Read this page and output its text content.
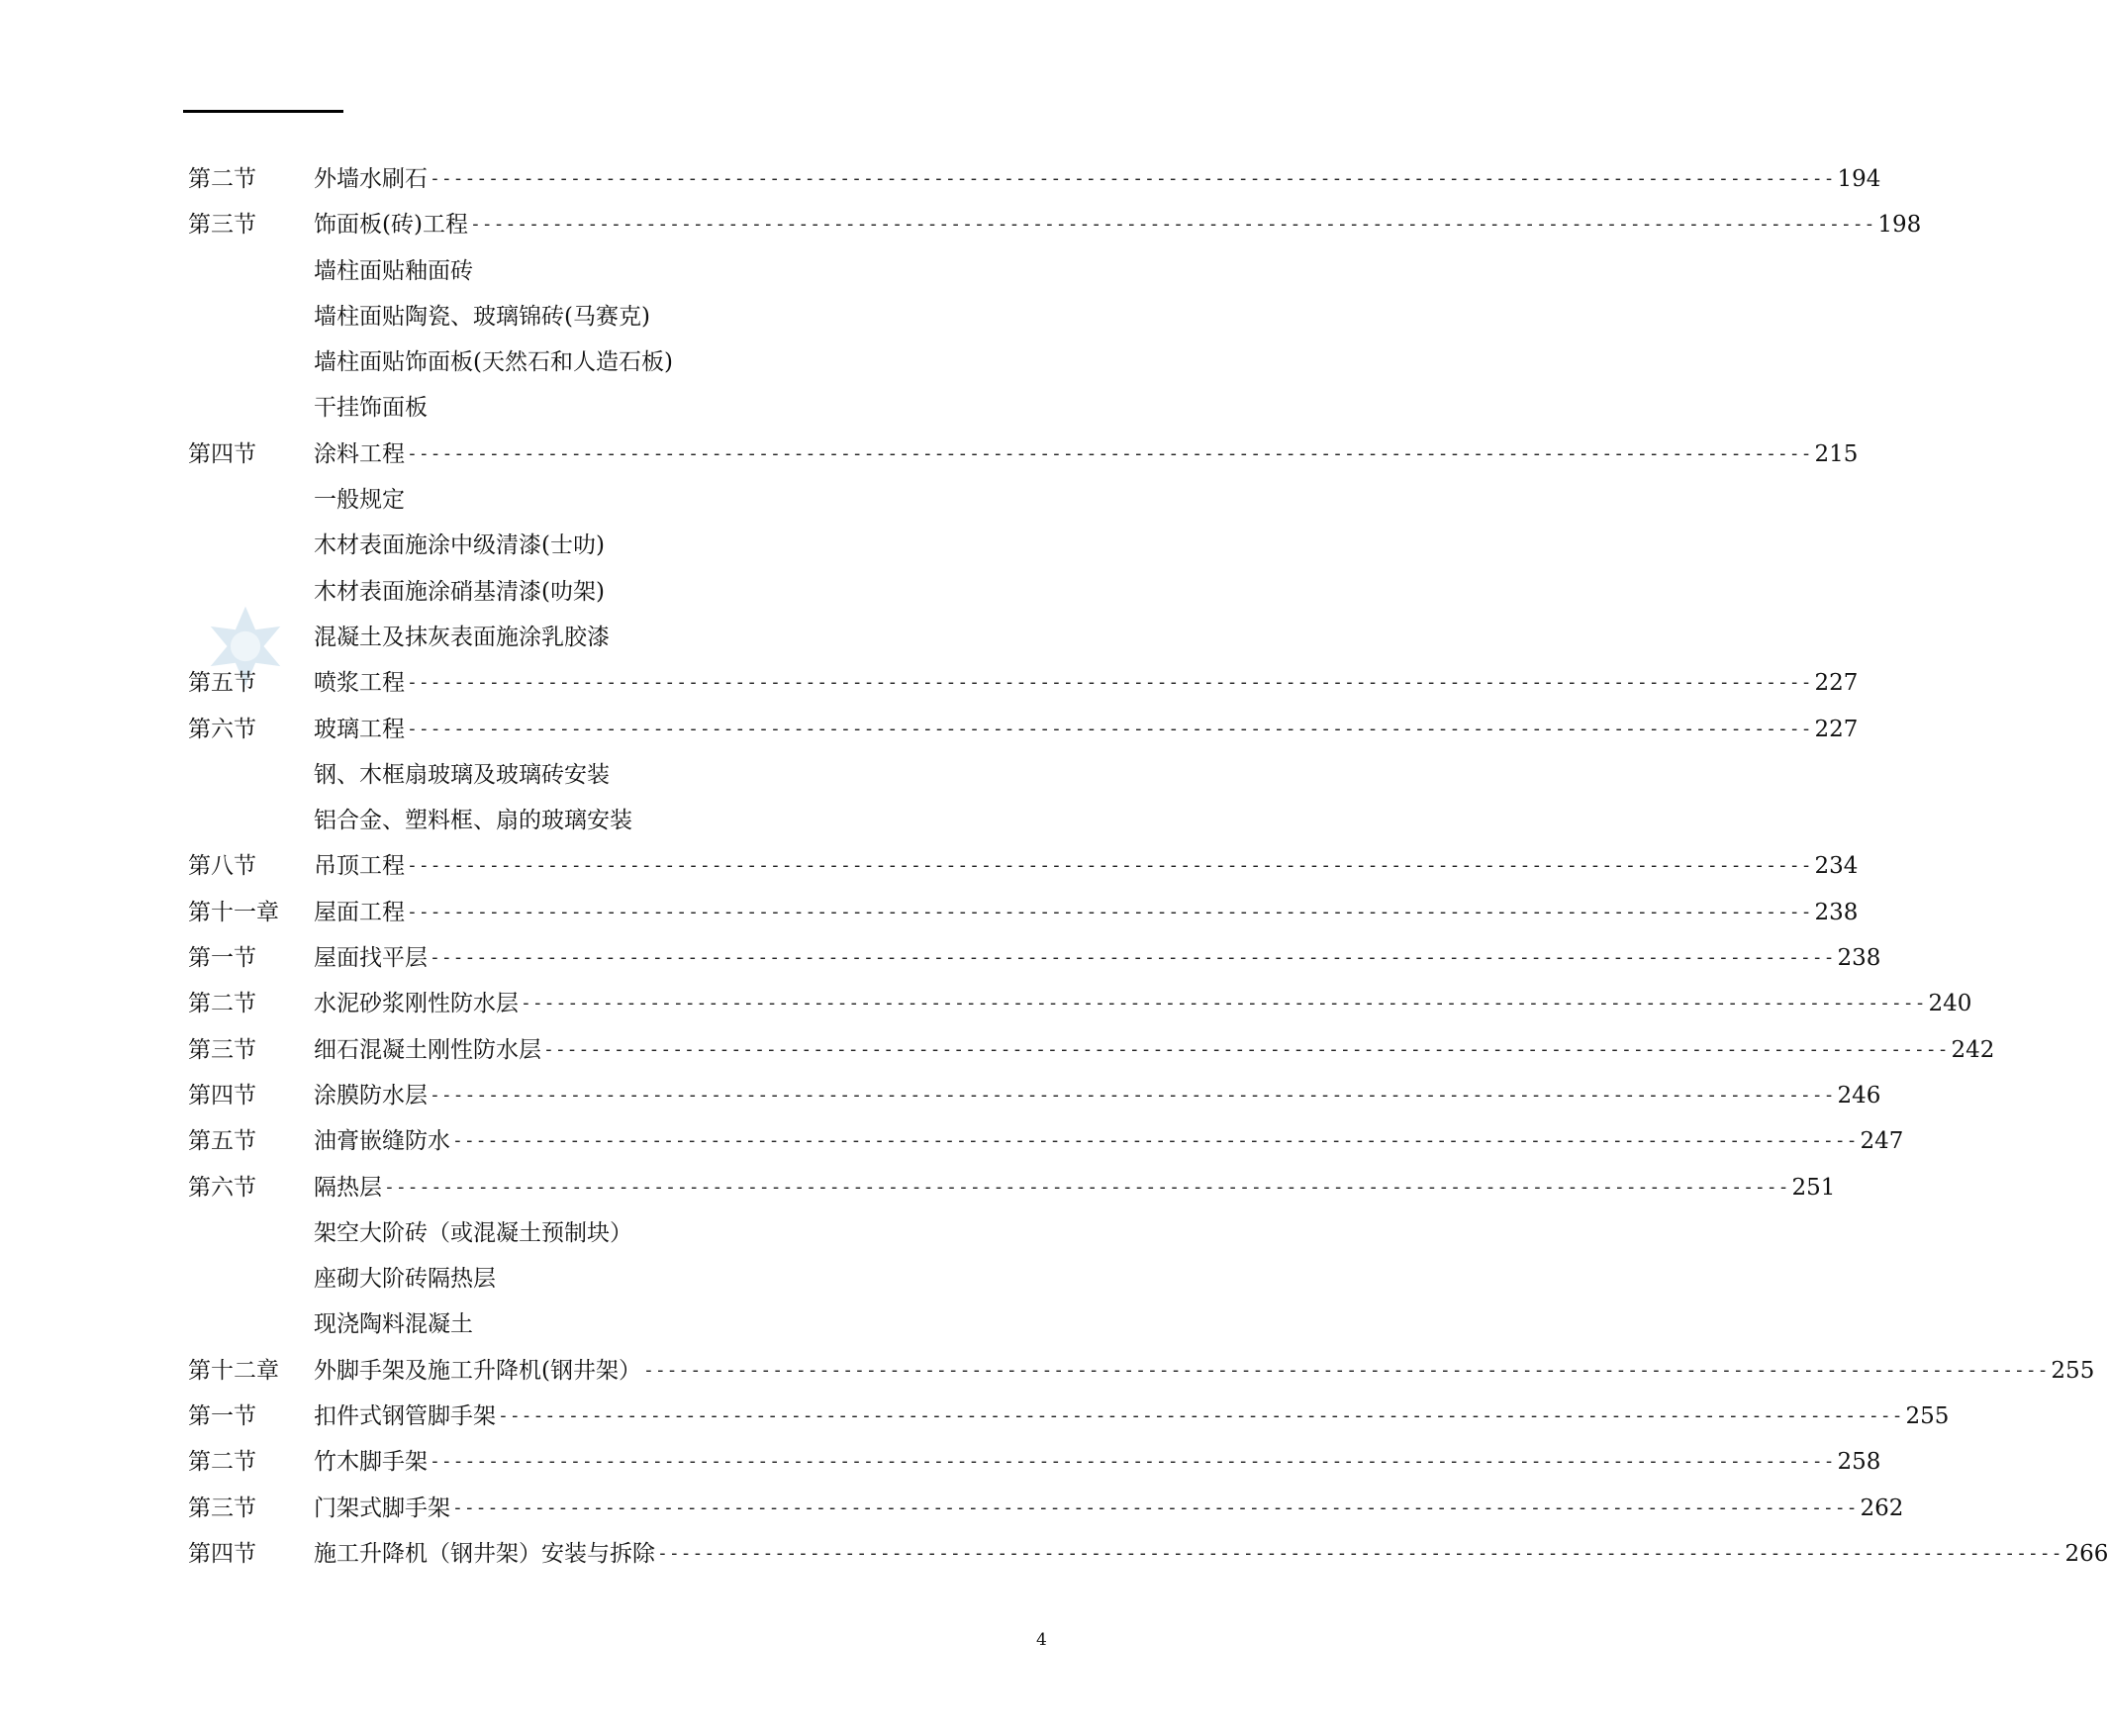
第二节	外墙水刷石 ------------------------------------------------------------------------------------------------------------------------ 194
第三节	饰面板(砖)工程 ------------------------------------------------------------------------------------------------------------------------ 198
墙柱面贴釉面砖
墙柱面贴陶瓷、玻璃锦砖(马赛克)
墙柱面贴饰面板(天然石和人造石板)
干挂饰面板
第四节	涂料工程 ------------------------------------------------------------------------------------------------------------------------ 215
一般规定
木材表面施涂中级清漆(士叻)
木材表面施涂硝基清漆(叻架)
混凝土及抹灰表面施涂乳胶漆
第五节	喷浆工程 ------------------------------------------------------------------------------------------------------------------------ 227
第六节	玻璃工程 ------------------------------------------------------------------------------------------------------------------------ 227
钢、木框扇玻璃及玻璃砖安装
铝合金、塑料框、扇的玻璃安装
第八节	吊顶工程 ------------------------------------------------------------------------------------------------------------------------ 234
第十一章	屋面工程 ------------------------------------------------------------------------------------------------------------------------ 238
第一节	屋面找平层 ------------------------------------------------------------------------------------------------------------------------ 238
第二节	水泥砂浆刚性防水层 ------------------------------------------------------------------------------------------------------------------------ 240
第三节	细石混凝土刚性防水层 ------------------------------------------------------------------------------------------------------------------------ 242
第四节	涂膜防水层 ------------------------------------------------------------------------------------------------------------------------ 246
第五节	油膏嵌缝防水 ------------------------------------------------------------------------------------------------------------------------ 247
第六节	隔热层 ------------------------------------------------------------------------------------------------------------------------ 251
架空大阶砖（或混凝土预制块）
座砌大阶砖隔热层
现浇陶料混凝土
第十二章	外脚手架及施工升降机(钢井架） ------------------------------------------------------------------------------------------------------------------------ 255
第一节	扣件式钢管脚手架 ------------------------------------------------------------------------------------------------------------------------ 255
第二节	竹木脚手架 ------------------------------------------------------------------------------------------------------------------------ 258
第三节	门架式脚手架 ------------------------------------------------------------------------------------------------------------------------ 262
第四节	施工升降机（钢井架）安装与拆除 ------------------------------------------------------------------------------------------------------------------------ 266
4
